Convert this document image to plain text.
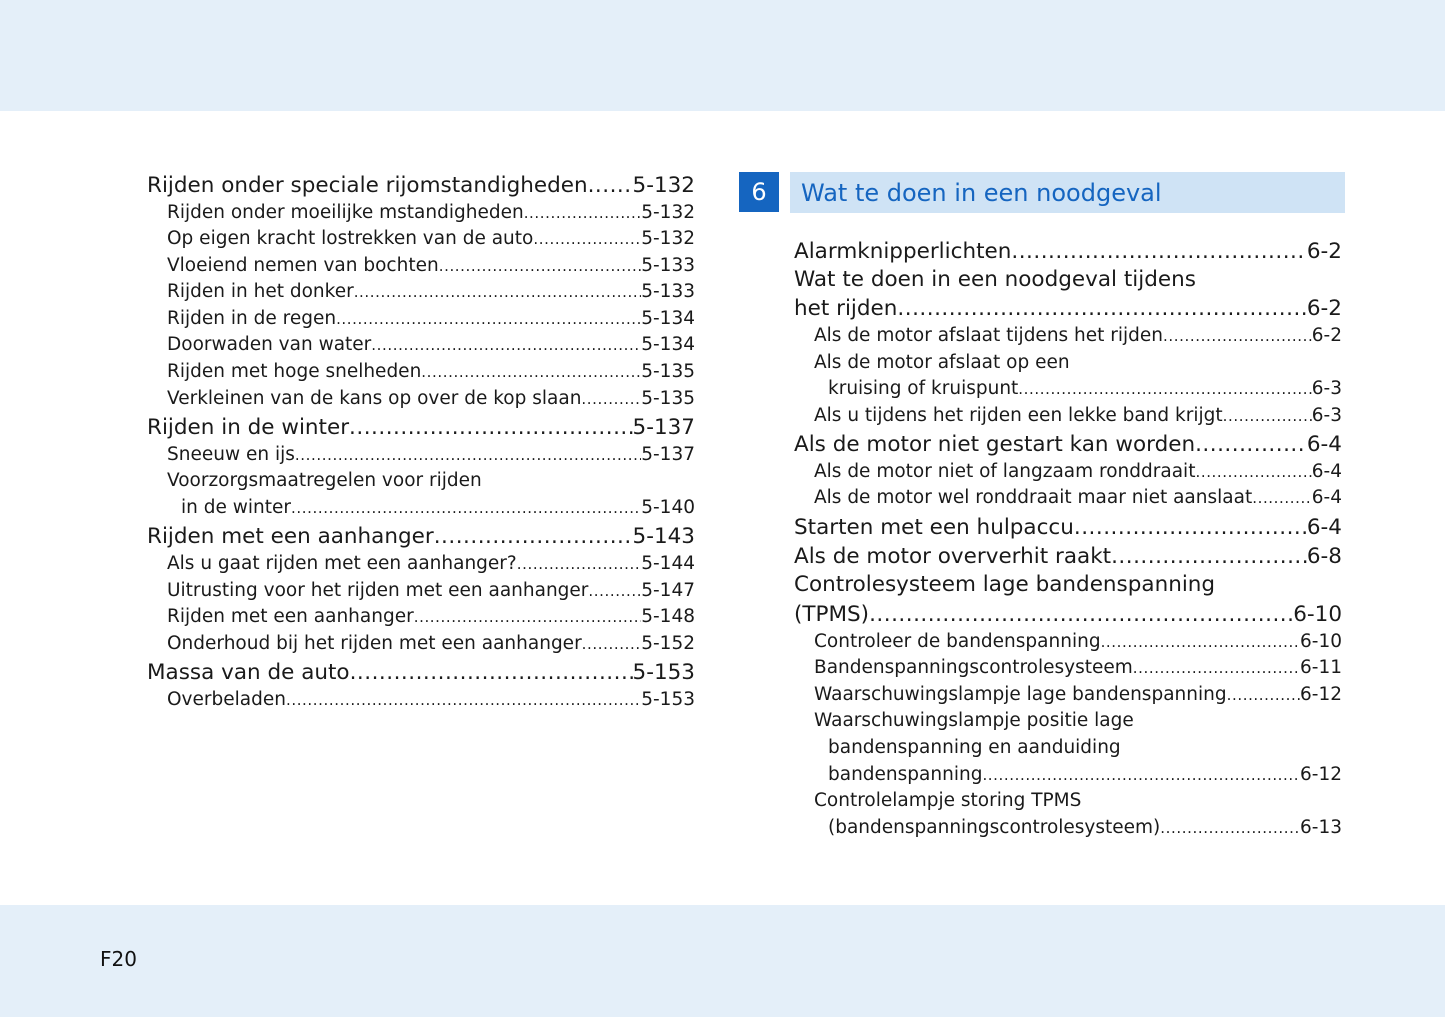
Rijden onder speciale rijomstandigheden ..... 5-132
Rijden onder moeilijke mstandigheden .....	5-132
Op eigen kracht lostrekken van de auto .....	5-132
Vloeiend nemen van bochten .....	5-133
Rijden in het donker .....	5-133
Rijden in de regen .....	5-134
Doorwaden van water .....	5-134
Rijden met hoge snelheden .....	5-135
Verkleinen van de kans op over de kop slaan .....	5-135
Rijden in de winter .....	5-137
Sneeuw en ijs .....	5-137
Voorzorgsmaatregelen voor rijden
in de winter .....	5-140
Rijden met een aanhanger .....	5-143
Als u gaat rijden met een aanhanger? .....	5-144
Uitrusting voor het rijden met een aanhanger .....	5-147
Rijden met een aanhanger .....	5-148
Onderhoud bij het rijden met een aanhanger .....	5-152
Massa van de auto .....	5-153
Overbeladen .....	5-153
6	Wat te doen in een noodgeval
Alarmknipperlichten .....	6-2
Wat te doen in een noodgeval tijdens
het rijden .....	6-2
Als de motor afslaat tijdens het rijden .....	6-2
Als de motor afslaat op een
kruising of kruispunt .....	6-3
Als u tijdens het rijden een lekke band krijgt .....	6-3
Als de motor niet gestart kan worden .....	6-4
Als de motor niet of langzaam ronddraait .....	6-4
Als de motor wel ronddraait maar niet aanslaat .....	6-4
Starten met een hulpaccu .....	6-4
Als de motor oververhit raakt .....	6-8
Controlesysteem lage bandenspanning
(TPMS) .....	6-10
Controleer de bandenspanning .....	6-10
Bandenspanningscontrolesysteem .....	6-11
Waarschuwingslampje lage bandenspanning .....	6-12
Waarschuwingslampje positie lage
bandenspanning en aanduiding
bandenspanning .....	6-12
Controlelampje storing TPMS
(bandenspanningscontrolesysteem) .....	6-13
F20
